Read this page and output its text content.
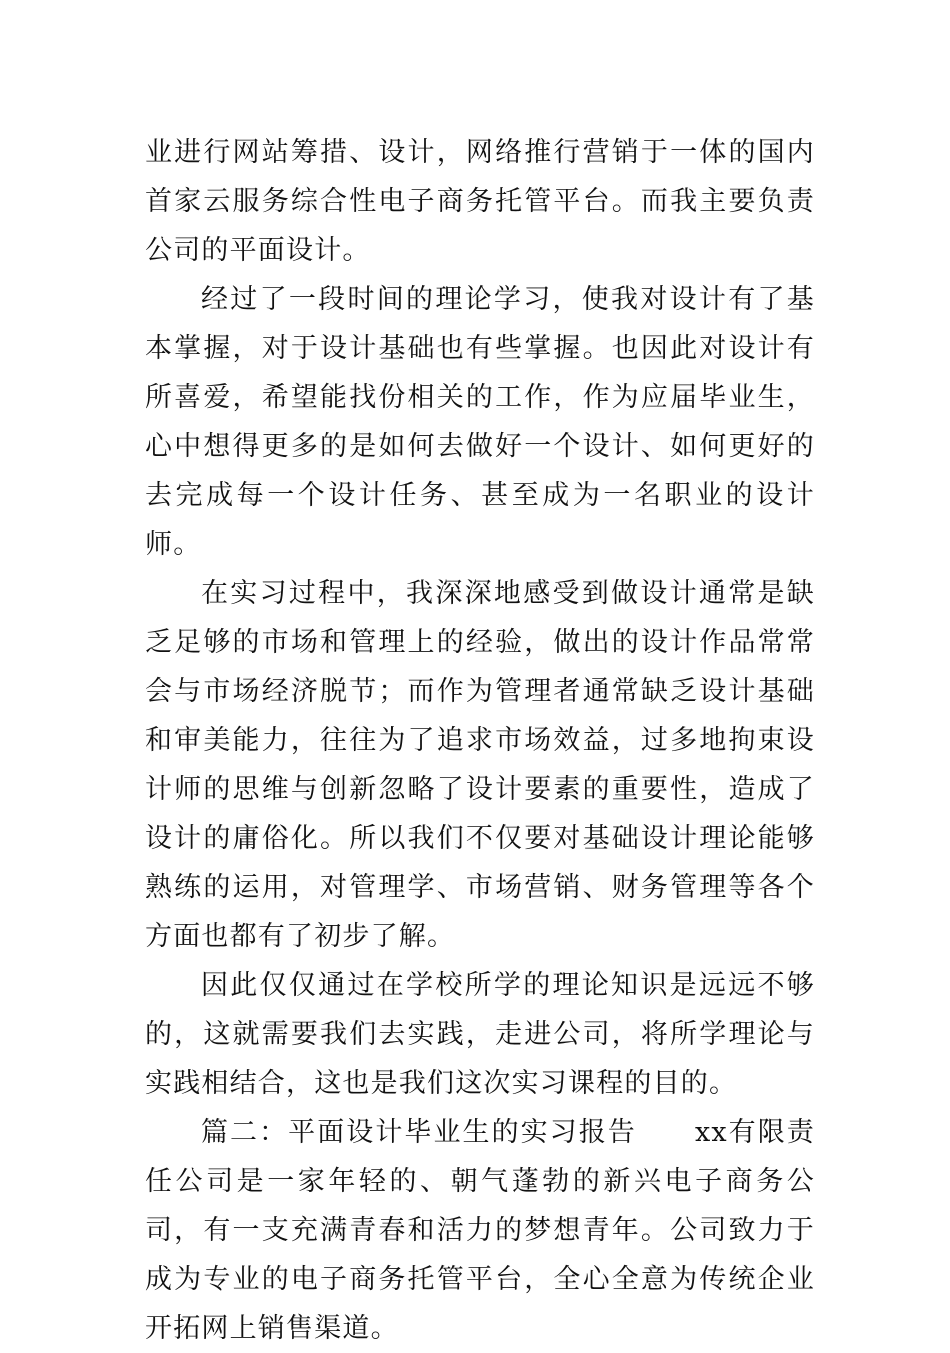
业进行网站筹措、设计，网络推行营销于一体的国内首家云服务综合性电子商务托管平台。而我主要负责公司的平面设计。

经过了一段时间的理论学习，使我对设计有了基本掌握，对于设计基础也有些掌握。也因此对设计有所喜爱，希望能找份相关的工作，作为应届毕业生，心中想得更多的是如何去做好一个设计、如何更好的去完成每一个设计任务、甚至成为一名职业的设计师。

在实习过程中，我深深地感受到做设计通常是缺乏足够的市场和管理上的经验，做出的设计作品常常会与市场经济脱节；而作为管理者通常缺乏设计基础和审美能力，往往为了追求市场效益，过多地拘束设计师的思维与创新忽略了设计要素的重要性，造成了设计的庸俗化。所以我们不仅要对基础设计理论能够熟练的运用，对管理学、市场营销、财务管理等各个方面也都有了初步了解。

因此仅仅通过在学校所学的理论知识是远远不够的，这就需要我们去实践，走进公司，将所学理论与实践相结合，这也是我们这次实习课程的目的。

篇二：平面设计毕业生的实习报告　　xx有限责任公司是一家年轻的、朝气蓬勃的新兴电子商务公司，有一支充满青春和活力的梦想青年。公司致力于成为专业的电子商务托管平台，全心全意为传统企业开拓网上销售渠道。
